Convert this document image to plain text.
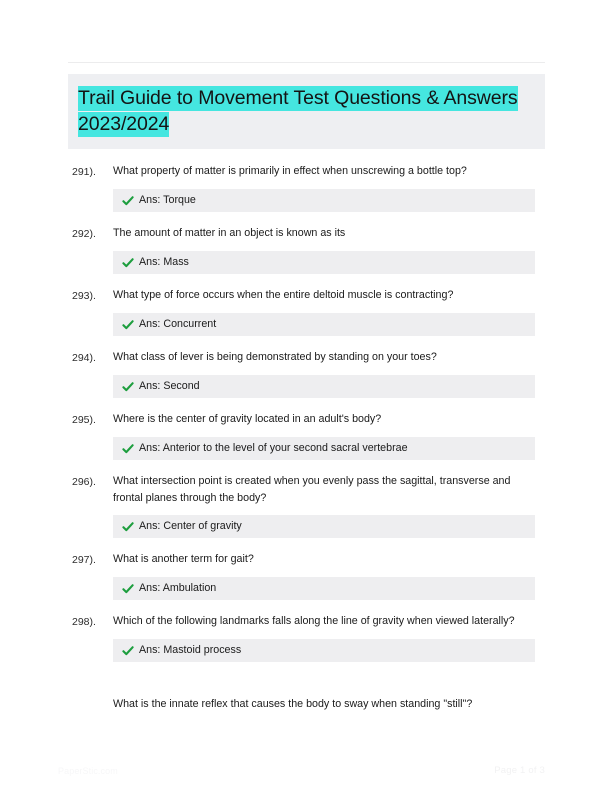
Trail Guide to Movement Test Questions & Answers 2023/2024
291).	What property of matter is primarily in effect when unscrewing a bottle top?
Ans: Torque
292).	The amount of matter in an object is known as its
Ans: Mass
293).	What type of force occurs when the entire deltoid muscle is contracting?
Ans: Concurrent
294).	What class of lever is being demonstrated by standing on your toes?
Ans: Second
295).	Where is the center of gravity located in an adult's body?
Ans: Anterior to the level of your second sacral vertebrae
296).	What intersection point is created when you evenly pass the sagittal, transverse and frontal planes through the body?
Ans: Center of gravity
297).	What is another term for gait?
Ans: Ambulation
298).	Which of the following landmarks falls along the line of gravity when viewed laterally?
Ans: Mastoid process
What is the innate reflex that causes the body to sway when standing "still"?
PaperStic.com	Page 1 of 3
